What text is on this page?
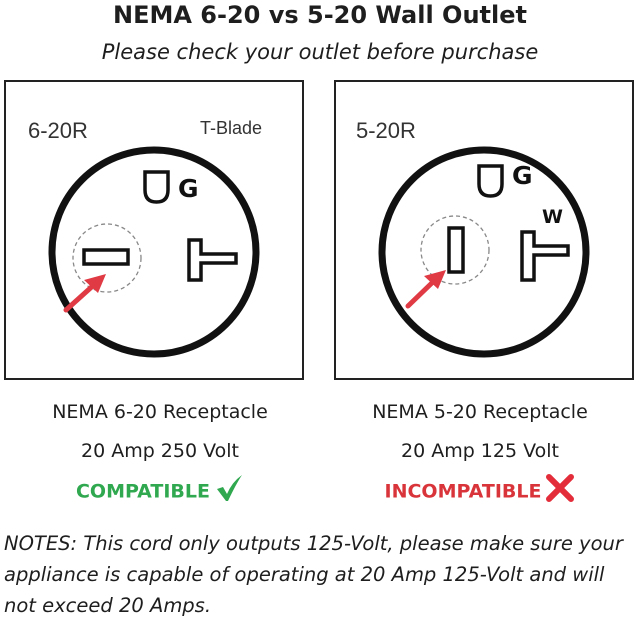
NEMA 6-20 vs 5-20 Wall Outlet
Please check your outlet before purchase
6-20R	T-Blade
G
5-20R
G
W
NEMA 6-20 Receptacle	NEMA 5-20 Receptacle
20 Amp 250 Volt	20 Amp 125 Volt
COMPATIBLE	INCOMPATIBLE
NOTES: This cord only outputs 125-Volt, please make sure your appliance is capable of operating at 20 Amp 125-Volt and will not exceed 20 Amps.
